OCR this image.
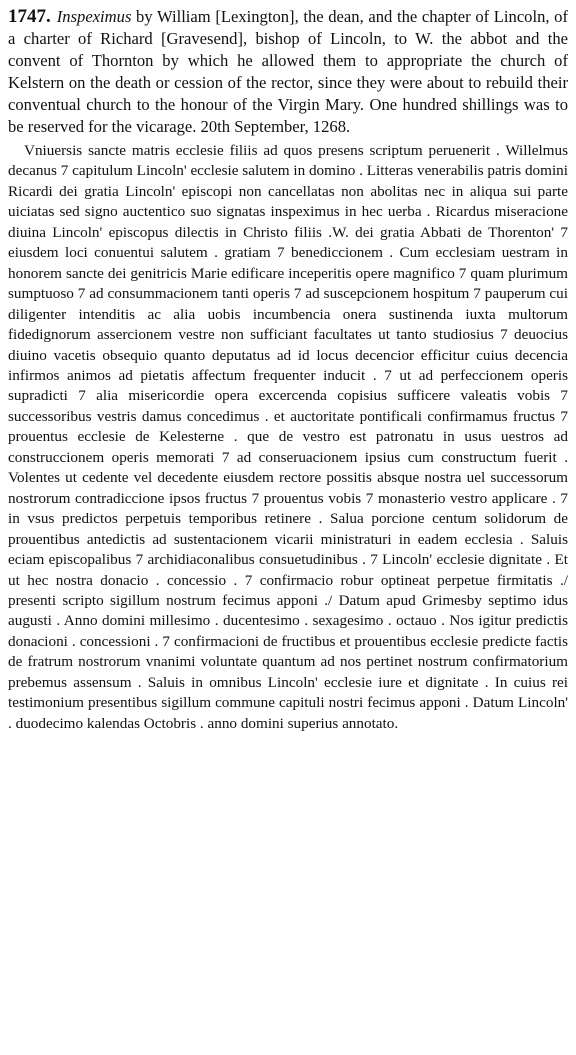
1747. Inspeximus by William [Lexington], the dean, and the chapter of Lincoln, of a charter of Richard [Gravesend], bishop of Lincoln, to W. the abbot and the convent of Thornton by which he allowed them to appropriate the church of Kelstern on the death or cession of the rector, since they were about to rebuild their conventual church to the honour of the Virgin Mary. One hundred shillings was to be reserved for the vicarage. 20th September, 1268.

Vniuersis sancte matris ecclesie filiis ad quos presens scriptum peruenerit . Willelmus decanus 7 capitulum Lincoln' ecclesie salutem in domino . Litteras venerabilis patris domini Ricardi dei gratia Lincoln' episcopi non cancellatas non abolitas nec in aliqua sui parte uiciatas sed signo auctentico suo signatas inspeximus in hec uerba . Ricardus miseracione diuina Lincoln' episcopus dilectis in Christo filiis .W. dei gratia Abbati de Thorenton' 7 eiusdem loci conuentui salutem . gratiam 7 benediccionem . Cum ecclesiam uestram in honorem sancte dei genitricis Marie edificare inceperitis opere magnifico 7 quam plurimum sumptuoso 7 ad consummacionem tanti operis 7 ad suscepcionem hospitum 7 pauperum cui diligenter intenditis ac alia uobis incumbencia onera sustinenda iuxta multorum fidedignorum assercionem vestre non sufficiant facultates ut tanto studiosius 7 deuocius diuino vacetis obsequio quanto deputatus ad id locus decencior efficitur cuius decencia infirmos animos ad pietatis affectum frequenter inducit . 7 ut ad perfeccionem operis supradicti 7 alia misericordie opera excercenda copisius sufficere valeatis vobis 7 successoribus vestris damus concedimus . et auctoritate pontificali confirmamus fructus 7 prouentus ecclesie de Kelesterne . que de vestro est patronatu in usus uestros ad construccionem operis memorati 7 ad conseruacionem ipsius cum constructum fuerit . Volentes ut cedente vel decedente eiusdem rectore possitis absque nostra uel successorum nostrorum contradiccione ipsos fructus 7 prouentus vobis 7 monasterio vestro applicare . 7 in vsus predictos perpetuis temporibus retinere . Salua porcione centum solidorum de prouentibus antedictis ad sustentacionem vicarii ministraturi in eadem ecclesia . Saluis eciam episcopalibus 7 archidiaconalibus consuetudinibus . 7 Lincoln' ecclesie dignitate . Et ut hec nostra donacio . concessio . 7 confirmacio robur optineat perpetue firmitatis ./ presenti scripto sigillum nostrum fecimus apponi ./ Datum apud Grimesby septimo idus augusti . Anno domini millesimo . ducentesimo . sexagesimo . octauo . Nos igitur predictis donacioni . concessioni . 7 confirmacioni de fructibus et prouentibus ecclesie predicte factis de fratrum nostrorum vnanimi voluntate quantum ad nos pertinet nostrum confirmatorium prebemus assensum . Saluis in omnibus Lincoln' ecclesie iure et dignitate . In cuius rei testimonium presentibus sigillum commune capituli nostri fecimus apponi . Datum Lincoln' . duodecimo kalendas Octobris . anno domini superius annotato.
